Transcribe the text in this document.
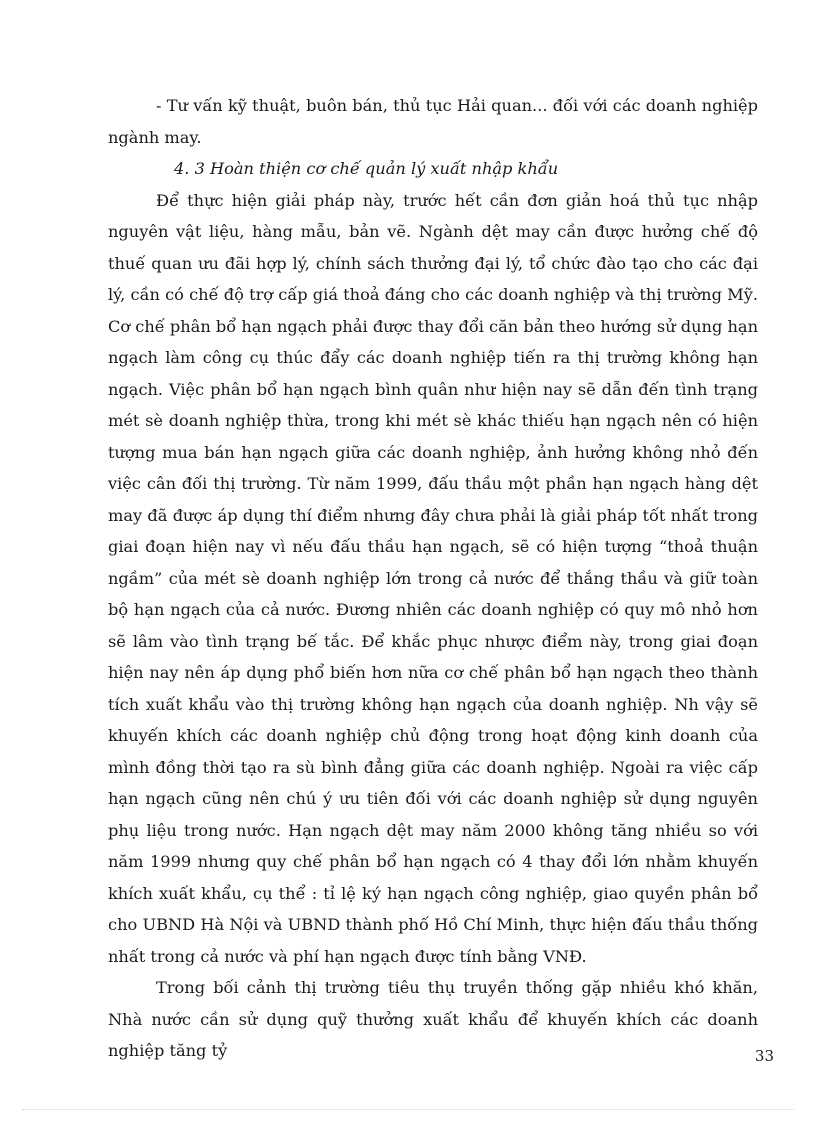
- Tư vấn kỹ thuật, buôn bán, thủ tục Hải quan... đối với các doanh nghiệp ngành may.

4. 3 Hoàn thiện cơ chế quản lý xuất nhập khẩu

Để thực hiện giải pháp này, trước hết cần đơn giản hoá thủ tục nhập nguyên vật liệu, hàng mẫu, bản vẽ. Ngành dệt may cần được hưởng chế độ thuế quan ưu đãi hợp lý, chính sách thưởng đại lý, tổ chức đào tạo cho các đại lý, cần có chế độ trợ cấp giá thoả đáng cho các doanh nghiệp và thị trường Mỹ. Cơ chế phân bổ hạn ngạch phải được thay đổi căn bản theo hướng sử dụng hạn ngạch làm công cụ thúc đẩy các doanh nghiệp tiến ra thị trường không hạn ngạch. Việc phân bổ hạn ngạch bình quân như hiện nay sẽ dẫn đến tình trạng mét sè doanh nghiệp thừa, trong khi mét sè khác thiếu hạn ngạch nên có hiện tượng mua bán hạn ngạch giữa các doanh nghiệp, ảnh hưởng không nhỏ đến việc cân đối thị trường. Từ năm 1999, đấu thầu một phần hạn ngạch hàng dệt may đã được áp dụng thí điểm nhưng đây chưa phải là giải pháp tốt nhất trong giai đoạn hiện nay vì nếu đấu thầu hạn ngạch, sẽ có hiện tượng “thoả thuận ngầm” của mét sè doanh nghiệp lớn trong cả nước để thắng thầu và giữ toàn bộ hạn ngạch của cả nước. Đương nhiên các doanh nghiệp có quy mô nhỏ hơn sẽ lâm vào tình trạng bế tắc. Để khắc phục nhược điểm này, trong giai đoạn hiện nay nên áp dụng phổ biến hơn nữa cơ chế phân bổ hạn ngạch theo thành tích xuất khẩu vào thị trường không hạn ngạch của doanh nghiệp. Nh vậy sẽ khuyến khích các doanh nghiệp chủ động trong hoạt động kinh doanh của mình đồng thời tạo ra sù bình đẳng giữa các doanh nghiệp. Ngoài ra việc cấp hạn ngạch cũng nên chú ý ưu tiên đối với các doanh nghiệp sử dụng nguyên phụ liệu trong nước. Hạn ngạch dệt may năm 2000 không tăng nhiều so với năm 1999 nhưng quy chế phân bổ hạn ngạch có 4 thay đổi lớn nhằm khuyến khích xuất khẩu, cụ thể : tỉ lệ ký hạn ngạch công nghiệp, giao quyền phân bổ cho UBND Hà Nội và UBND thành phố Hồ Chí Minh, thực hiện đấu thầu thống nhất trong cả nước và phí hạn ngạch được tính bằng VNĐ.

Trong bối cảnh thị trường tiêu thụ truyền thống gặp nhiều khó khăn, Nhà nước cần sử dụng quỹ thưởng xuất khẩu để khuyến khích các doanh nghiệp tăng tỷ	33
